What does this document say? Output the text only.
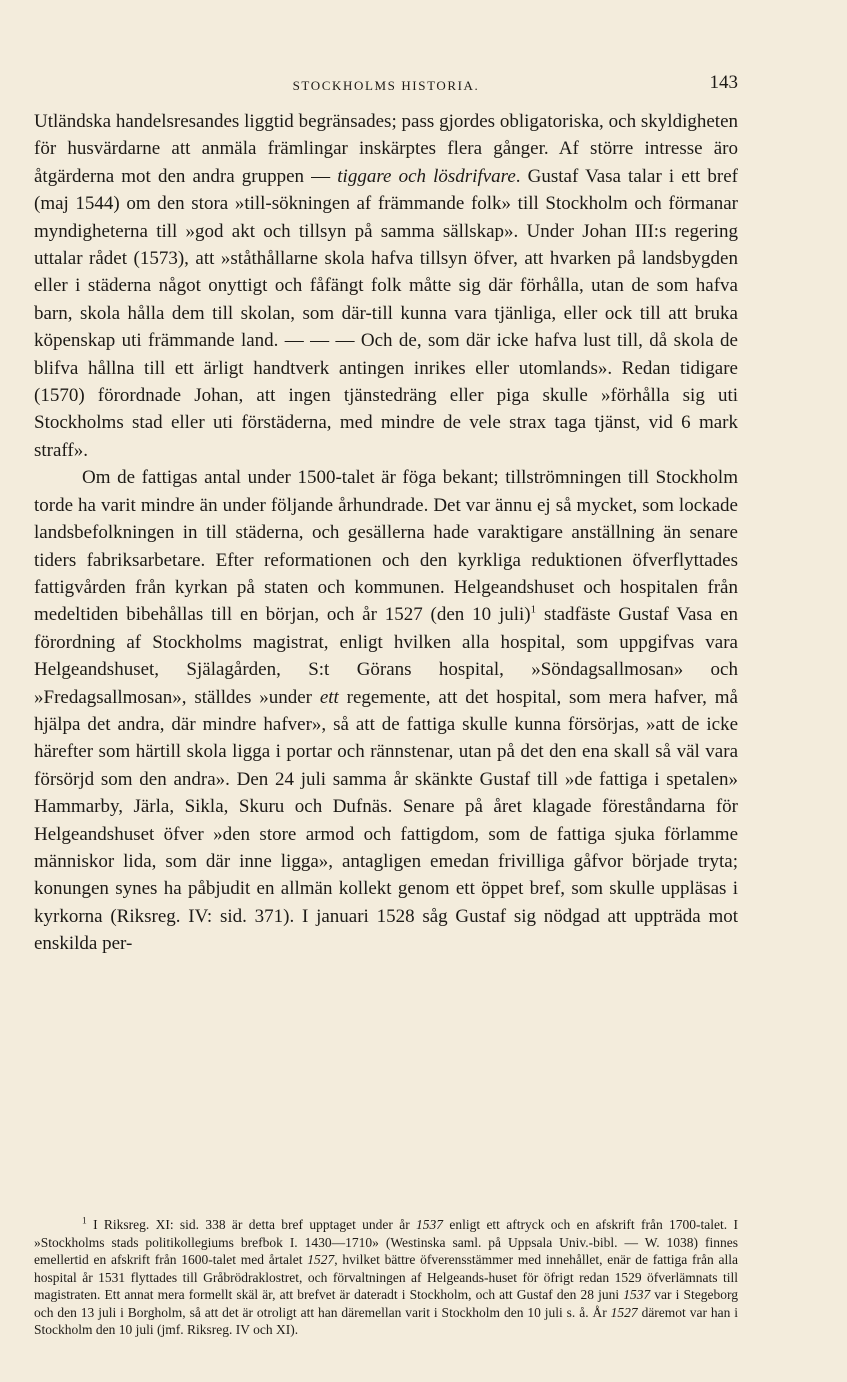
STOCKHOLMS HISTORIA.	143

Utländska handelsresandes liggtid begränsades; pass gjordes obligatoriska, och skyldigheten för husvärdarne att anmäla främlingar inskärptes flera gånger. Af större intresse äro åtgärderna mot den andra gruppen — tiggare och lösdrifvare. Gustaf Vasa talar i ett bref (maj 1544) om den stora »till-sökningen af främmande folk» till Stockholm och förmanar myndigheterna till »god akt och tillsyn på samma sällskap». Under Johan III:s regering uttalar rådet (1573), att »ståthållarne skola hafva tillsyn öfver, att hvarken på landsbygden eller i städerna något onyttigt och fåfängt folk måtte sig där förhålla, utan de som hafva barn, skola hålla dem till skolan, som där-till kunna vara tjänliga, eller ock till att bruka köpenskap uti främmande land. — — — Och de, som där icke hafva lust till, då skola de blifva hållna till ett ärligt handtverk antingen inrikes eller utomlands». Redan tidigare (1570) förordnade Johan, att ingen tjänstedräng eller piga skulle »förhålla sig uti Stockholms stad eller uti förstäderna, med mindre de vele strax taga tjänst, vid 6 mark straff».

Om de fattigas antal under 1500-talet är föga bekant; tillströmningen till Stockholm torde ha varit mindre än under följande århundrade. Det var ännu ej så mycket, som lockade landsbefolkningen in till städerna, och gesällerna hade varaktigare anställning än senare tiders fabriksarbetare. Efter reformationen och den kyrkliga reduktionen öfverflyttades fattigvården från kyrkan på staten och kommunen. Helgeandshuset och hospitalen från medeltiden bibehållas till en början, och år 1527 (den 10 juli)$^1$ stadfäste Gustaf Vasa en förordning af Stockholms magistrat, enligt hvilken alla hospital, som uppgifvas vara Helgeandshuset, Själagården, S:t Görans hospital, »Söndagsallmosan» och »Fredagsallmosan», ställdes »under ett regemente, att det hospital, som mera hafver, må hjälpa det andra, där mindre hafver», så att de fattiga skulle kunna försörjas, »att de icke härefter som härtill skola ligga i portar och rännstenar, utan på det den ena skall så väl vara försörjd som den andra». Den 24 juli samma år skänkte Gustaf till »de fattiga i spetalen» Hammarby, Järla, Sikla, Skuru och Dufnäs. Senare på året klagade föreståndarna för Helgeandshuset öfver »den store armod och fattigdom, som de fattiga sjuka förlamme människor lida, som där inne ligga», antagligen emedan frivilliga gåfvor började tryta; konungen synes ha påbjudit en allmän kollekt genom ett öppet bref, som skulle uppläsas i kyrkorna (Riksreg. IV: sid. 371). I januari 1528 såg Gustaf sig nödgad att uppträda mot enskilda per-

$^1$ I Riksreg. XI: sid. 338 är detta bref upptaget under år 1537 enligt ett aftryck och en afskrift från 1700-talet. I »Stockholms stads politikollegiums brefbok I. 1430—1710» (Westinska saml. på Uppsala Univ.-bibl. — W. 1038) finnes emellertid en afskrift från 1600-talet med årtalet 1527, hvilket bättre öfverensstämmer med innehållet, enär de fattiga från alla hospital år 1531 flyttades till Gråbrödraklostret, och förvaltningen af Helgeands-huset för öfrigt redan 1529 öfverlämnats till magistraten. Ett annat mera formellt skäl är, att brefvet är dateradt i Stockholm, och att Gustaf den 28 juni 1537 var i Stegeborg och den 13 juli i Borgholm, så att det är otroligt att han däremellan varit i Stockholm den 10 juli s. å. År 1527 däremot var han i Stockholm den 10 juli (jmf. Riksreg. IV och XI).
